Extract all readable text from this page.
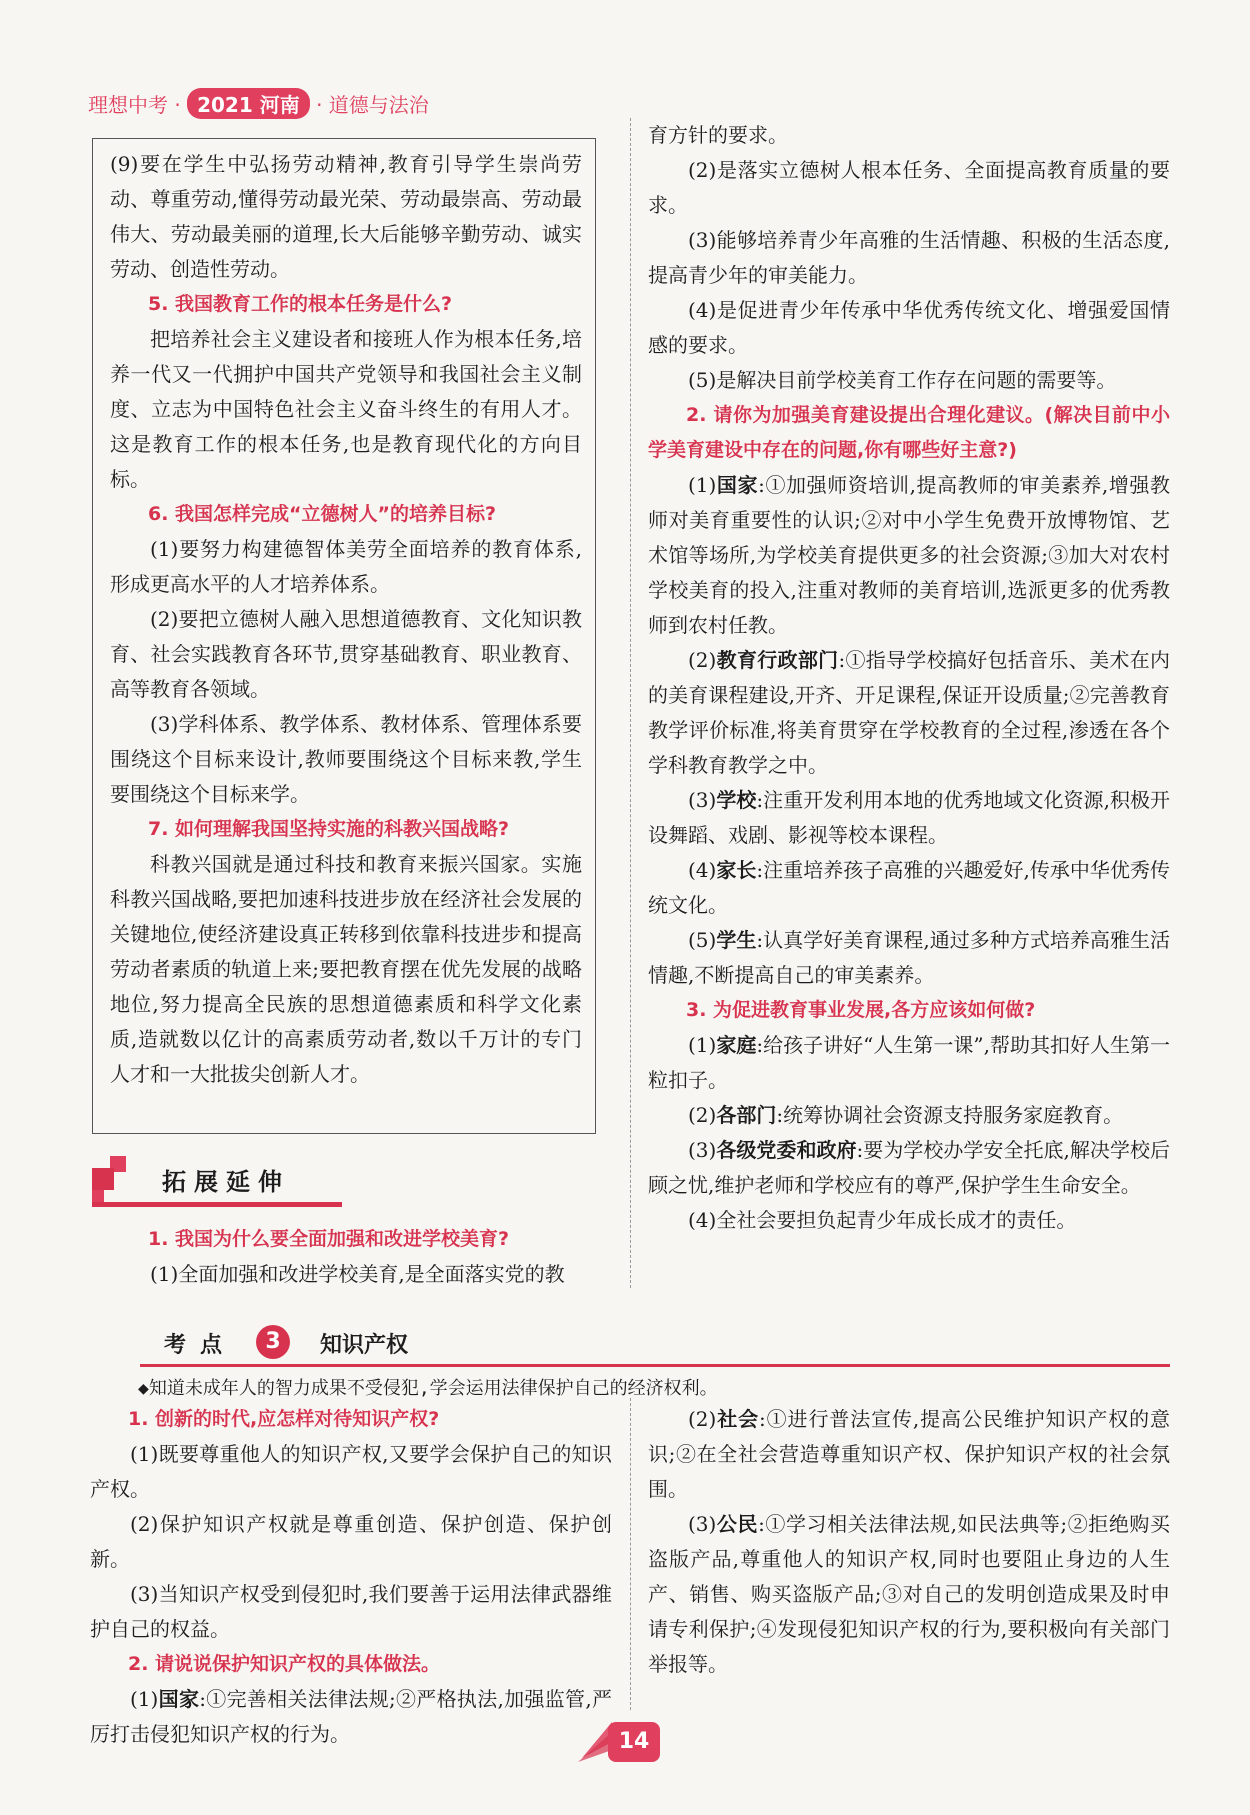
理想中考 · 2021 河南 · 道德与法治

(9)要在学生中弘扬劳动精神,教育引导学生崇尚劳动、尊重劳动,懂得劳动最光荣、劳动最崇高、劳动最伟大、劳动最美丽的道理,长大后能够辛勤劳动、诚实劳动、创造性劳动。

5. 我国教育工作的根本任务是什么?

把培养社会主义建设者和接班人作为根本任务,培养一代又一代拥护中国共产党领导和我国社会主义制度、立志为中国特色社会主义奋斗终生的有用人才。这是教育工作的根本任务,也是教育现代化的方向目标。

6. 我国怎样完成“立德树人”的培养目标?

(1)要努力构建德智体美劳全面培养的教育体系,形成更高水平的人才培养体系。

(2)要把立德树人融入思想道德教育、文化知识教育、社会实践教育各环节,贯穿基础教育、职业教育、高等教育各领域。

(3)学科体系、教学体系、教材体系、管理体系要围绕这个目标来设计,教师要围绕这个目标来教,学生要围绕这个目标来学。

7. 如何理解我国坚持实施的科教兴国战略?

科教兴国就是通过科技和教育来振兴国家。实施科教兴国战略,要把加速科技进步放在经济社会发展的关键地位,使经济建设真正转移到依靠科技进步和提高劳动者素质的轨道上来;要把教育摆在优先发展的战略地位,努力提高全民族的思想道德素质和科学文化素质,造就数以亿计的高素质劳动者,数以千万计的专门人才和一大批拔尖创新人才。

育方针的要求。

(2)是落实立德树人根本任务、全面提高教育质量的要求。

(3)能够培养青少年高雅的生活情趣、积极的生活态度,提高青少年的审美能力。

(4)是促进青少年传承中华优秀传统文化、增强爱国情感的要求。

(5)是解决目前学校美育工作存在问题的需要等。

2. 请你为加强美育建设提出合理化建议。(解决目前中小学美育建设中存在的问题,你有哪些好主意?)

(1)国家:①加强师资培训,提高教师的审美素养,增强教师对美育重要性的认识;②对中小学生免费开放博物馆、艺术馆等场所,为学校美育提供更多的社会资源;③加大对农村学校美育的投入,注重对教师的美育培训,选派更多的优秀教师到农村任教。

(2)教育行政部门:①指导学校搞好包括音乐、美术在内的美育课程建设,开齐、开足课程,保证开设质量;②完善教育教学评价标准,将美育贯穿在学校教育的全过程,渗透在各个学科教育教学之中。

(3)学校:注重开发利用本地的优秀地域文化资源,积极开设舞蹈、戏剧、影视等校本课程。

(4)家长:注重培养孩子高雅的兴趣爱好,传承中华优秀传统文化。

(5)学生:认真学好美育课程,通过多种方式培养高雅生活情趣,不断提高自己的审美素养。

3. 为促进教育事业发展,各方应该如何做?

(1)家庭:给孩子讲好“人生第一课”,帮助其扣好人生第一粒扣子。

(2)各部门:统筹协调社会资源支持服务家庭教育。

(3)各级党委和政府:要为学校办学安全托底,解决学校后顾之忧,维护老师和学校应有的尊严,保护学生生命安全。

(4)全社会要担负起青少年成长成才的责任。

拓展延伸

1. 我国为什么要全面加强和改进学校美育?

(1)全面加强和改进学校美育,是全面落实党的教

考点	3	知识产权
◆知道未成年人的智力成果不受侵犯,学会运用法律保护自己的经济权利。

1. 创新的时代,应怎样对待知识产权?

(1)既要尊重他人的知识产权,又要学会保护自己的知识产权。

(2)保护知识产权就是尊重创造、保护创造、保护创新。

(3)当知识产权受到侵犯时,我们要善于运用法律武器维护自己的权益。

2. 请说说保护知识产权的具体做法。

(1)国家:①完善相关法律法规;②严格执法,加强监管,严厉打击侵犯知识产权的行为。

(2)社会:①进行普法宣传,提高公民维护知识产权的意识;②在全社会营造尊重知识产权、保护知识产权的社会氛围。

(3)公民:①学习相关法律法规,如民法典等;②拒绝购买盗版产品,尊重他人的知识产权,同时也要阻止身边的人生产、销售、购买盗版产品;③对自己的发明创造成果及时申请专利保护;④发现侵犯知识产权的行为,要积极向有关部门举报等。

14
